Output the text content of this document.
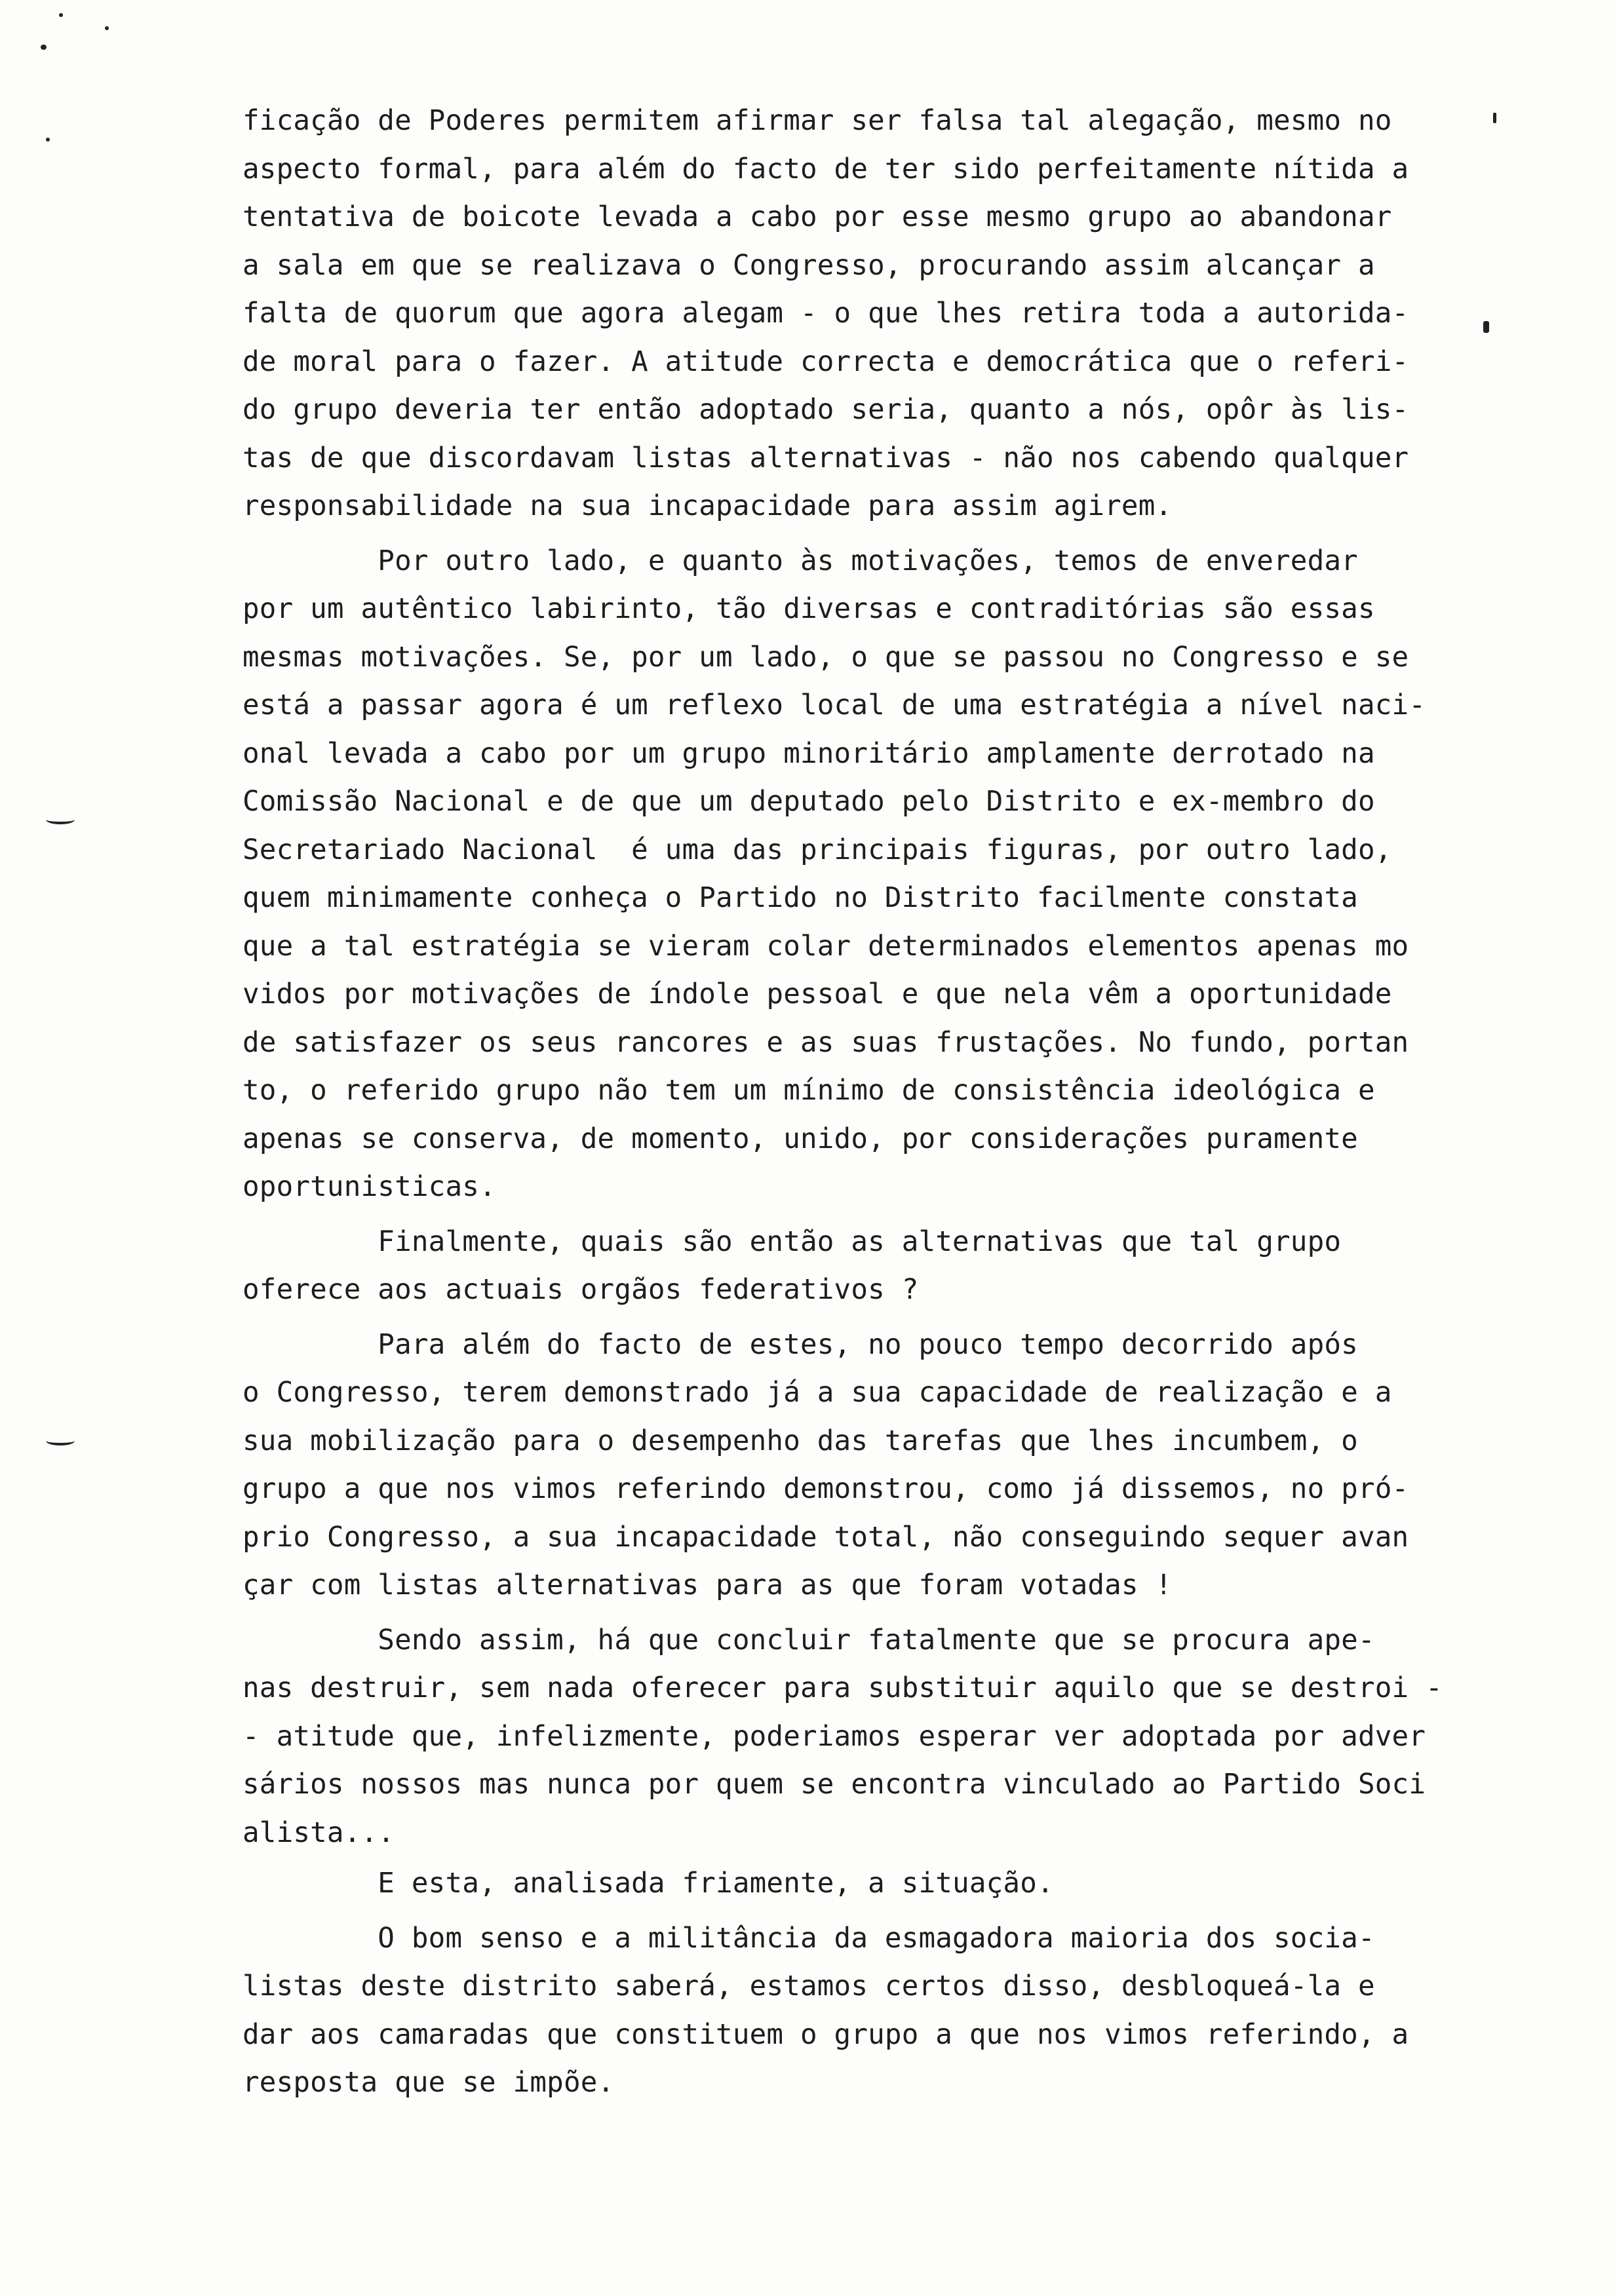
ficação de Poderes permitem afirmar ser falsa tal alegação, mesmo no
aspecto formal, para além do facto de ter sido perfeitamente nítida a
tentativa de boicote levada a cabo por esse mesmo grupo ao abandonar
a sala em que se realizava o Congresso, procurando assim alcançar a
falta de quorum que agora alegam - o que lhes retira toda a autorida-
de moral para o fazer. A atitude correcta e democrática que o referi-
do grupo deveria ter então adoptado seria, quanto a nós, opôr às lis-
tas de que discordavam listas alternativas - não nos cabendo qualquer
responsabilidade na sua incapacidade para assim agirem.

Por outro lado, e quanto às motivações, temos de enveredar
por um autêntico labirinto, tão diversas e contraditórias são essas
mesmas motivações. Se, por um lado, o que se passou no Congresso e se
está a passar agora é um reflexo local de uma estratégia a nível naci-
onal levada a cabo por um grupo minoritário amplamente derrotado na
Comissão Nacional e de que um deputado pelo Distrito e ex-membro do
Secretariado Nacional  é uma das principais figuras, por outro lado,
quem minimamente conheça o Partido no Distrito facilmente constata
que a tal estratégia se vieram colar determinados elementos apenas mo
vidos por motivações de índole pessoal e que nela vêm a oportunidade
de satisfazer os seus rancores e as suas frustações. No fundo, portan
to, o referido grupo não tem um mínimo de consistência ideológica e
apenas se conserva, de momento, unido, por considerações puramente
oportunisticas.

Finalmente, quais são então as alternativas que tal grupo
oferece aos actuais orgãos federativos ?

Para além do facto de estes, no pouco tempo decorrido após
o Congresso, terem demonstrado já a sua capacidade de realização e a
sua mobilização para o desempenho das tarefas que lhes incumbem, o
grupo a que nos vimos referindo demonstrou, como já dissemos, no pró-
prio Congresso, a sua incapacidade total, não conseguindo sequer avan
çar com listas alternativas para as que foram votadas !

Sendo assim, há que concluir fatalmente que se procura ape-
nas destruir, sem nada oferecer para substituir aquilo que se destroi -
- atitude que, infelizmente, poderiamos esperar ver adoptada por adver
sários nossos mas nunca por quem se encontra vinculado ao Partido Soci
alista...

E esta, analisada friamente, a situação.

O bom senso e a militância da esmagadora maioria dos socia-
listas deste distrito saberá, estamos certos disso, desbloqueá-la e
dar aos camaradas que constituem o grupo a que nos vimos referindo, a
resposta que se impõe.
